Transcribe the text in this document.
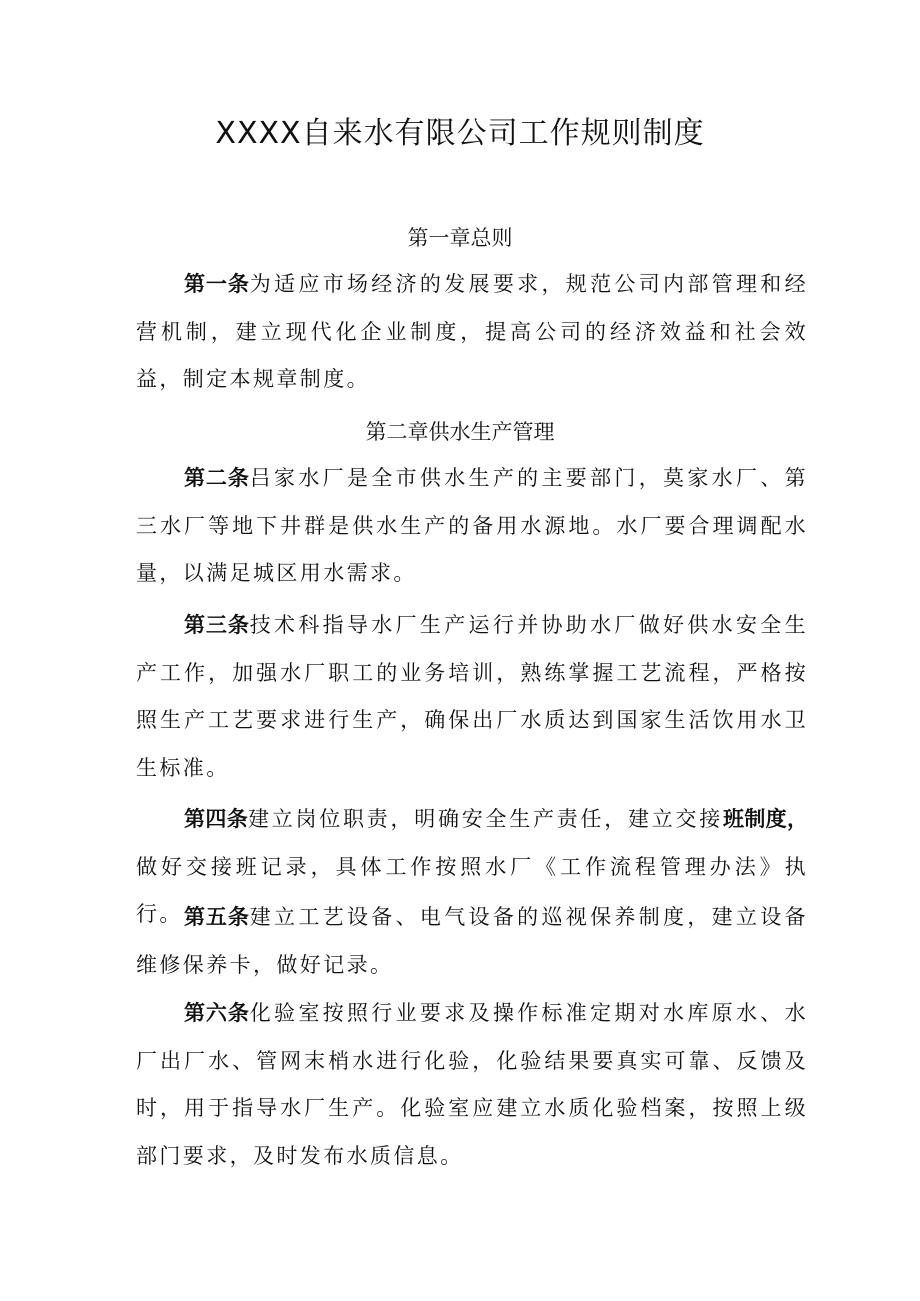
XXXX自来水有限公司工作规则制度
第一章总则

第一条为适应市场经济的发展要求，规范公司内部管理和经营机制，建立现代化企业制度，提高公司的经济效益和社会效益，制定本规章制度。

第二章供水生产管理

第二条吕家水厂是全市供水生产的主要部门，莫家水厂、第三水厂等地下井群是供水生产的备用水源地。水厂要合理调配水量，以满足城区用水需求。

第三条技术科指导水厂生产运行并协助水厂做好供水安全生产工作，加强水厂职工的业务培训，熟练掌握工艺流程，严格按照生产工艺要求进行生产，确保出厂水质达到国家生活饮用水卫生标准。

第四条建立岗位职责，明确安全生产责任，建立交接班制度，做好交接班记录，具体工作按照水厂《工作流程管理办法》执行。 第五条建立工艺设备、电气设备的巡视保养制度，建立设备维修保养卡，做好记录。

第六条化验室按照行业要求及操作标准定期对水库原水、水厂出厂水、管网末梢水进行化验，化验结果要真实可靠、反馈及时，用于指导水厂生产。化验室应建立水质化验档案，按照上级部门要求，及时发布水质信息。
